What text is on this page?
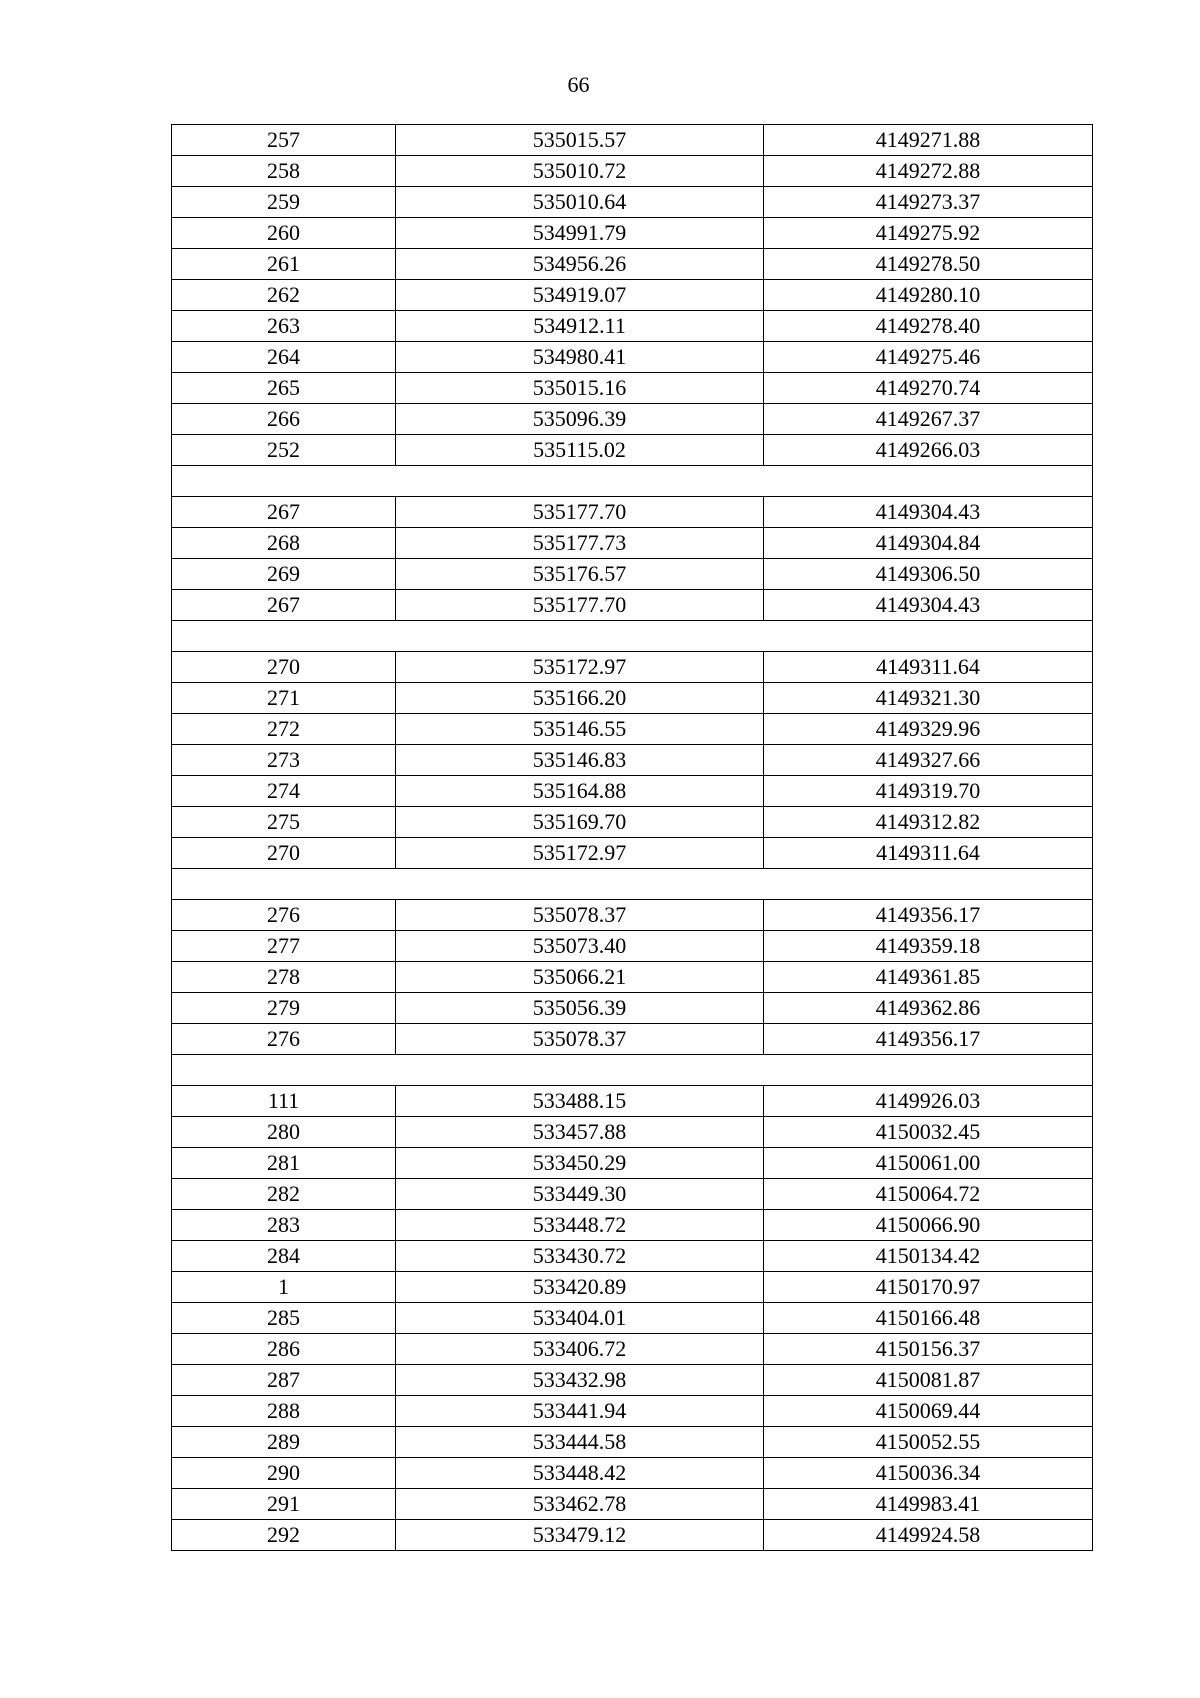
66
257	535015.57	4149271.88
258	535010.72	4149272.88
259	535010.64	4149273.37
260	534991.79	4149275.92
261	534956.26	4149278.50
262	534919.07	4149280.10
263	534912.11	4149278.40
264	534980.41	4149275.46
265	535015.16	4149270.74
266	535096.39	4149267.37
252	535115.02	4149266.03

267	535177.70	4149304.43
268	535177.73	4149304.84
269	535176.57	4149306.50
267	535177.70	4149304.43

270	535172.97	4149311.64
271	535166.20	4149321.30
272	535146.55	4149329.96
273	535146.83	4149327.66
274	535164.88	4149319.70
275	535169.70	4149312.82
270	535172.97	4149311.64

276	535078.37	4149356.17
277	535073.40	4149359.18
278	535066.21	4149361.85
279	535056.39	4149362.86
276	535078.37	4149356.17

111	533488.15	4149926.03
280	533457.88	4150032.45
281	533450.29	4150061.00
282	533449.30	4150064.72
283	533448.72	4150066.90
284	533430.72	4150134.42
1	533420.89	4150170.97
285	533404.01	4150166.48
286	533406.72	4150156.37
287	533432.98	4150081.87
288	533441.94	4150069.44
289	533444.58	4150052.55
290	533448.42	4150036.34
291	533462.78	4149983.41
292	533479.12	4149924.58
